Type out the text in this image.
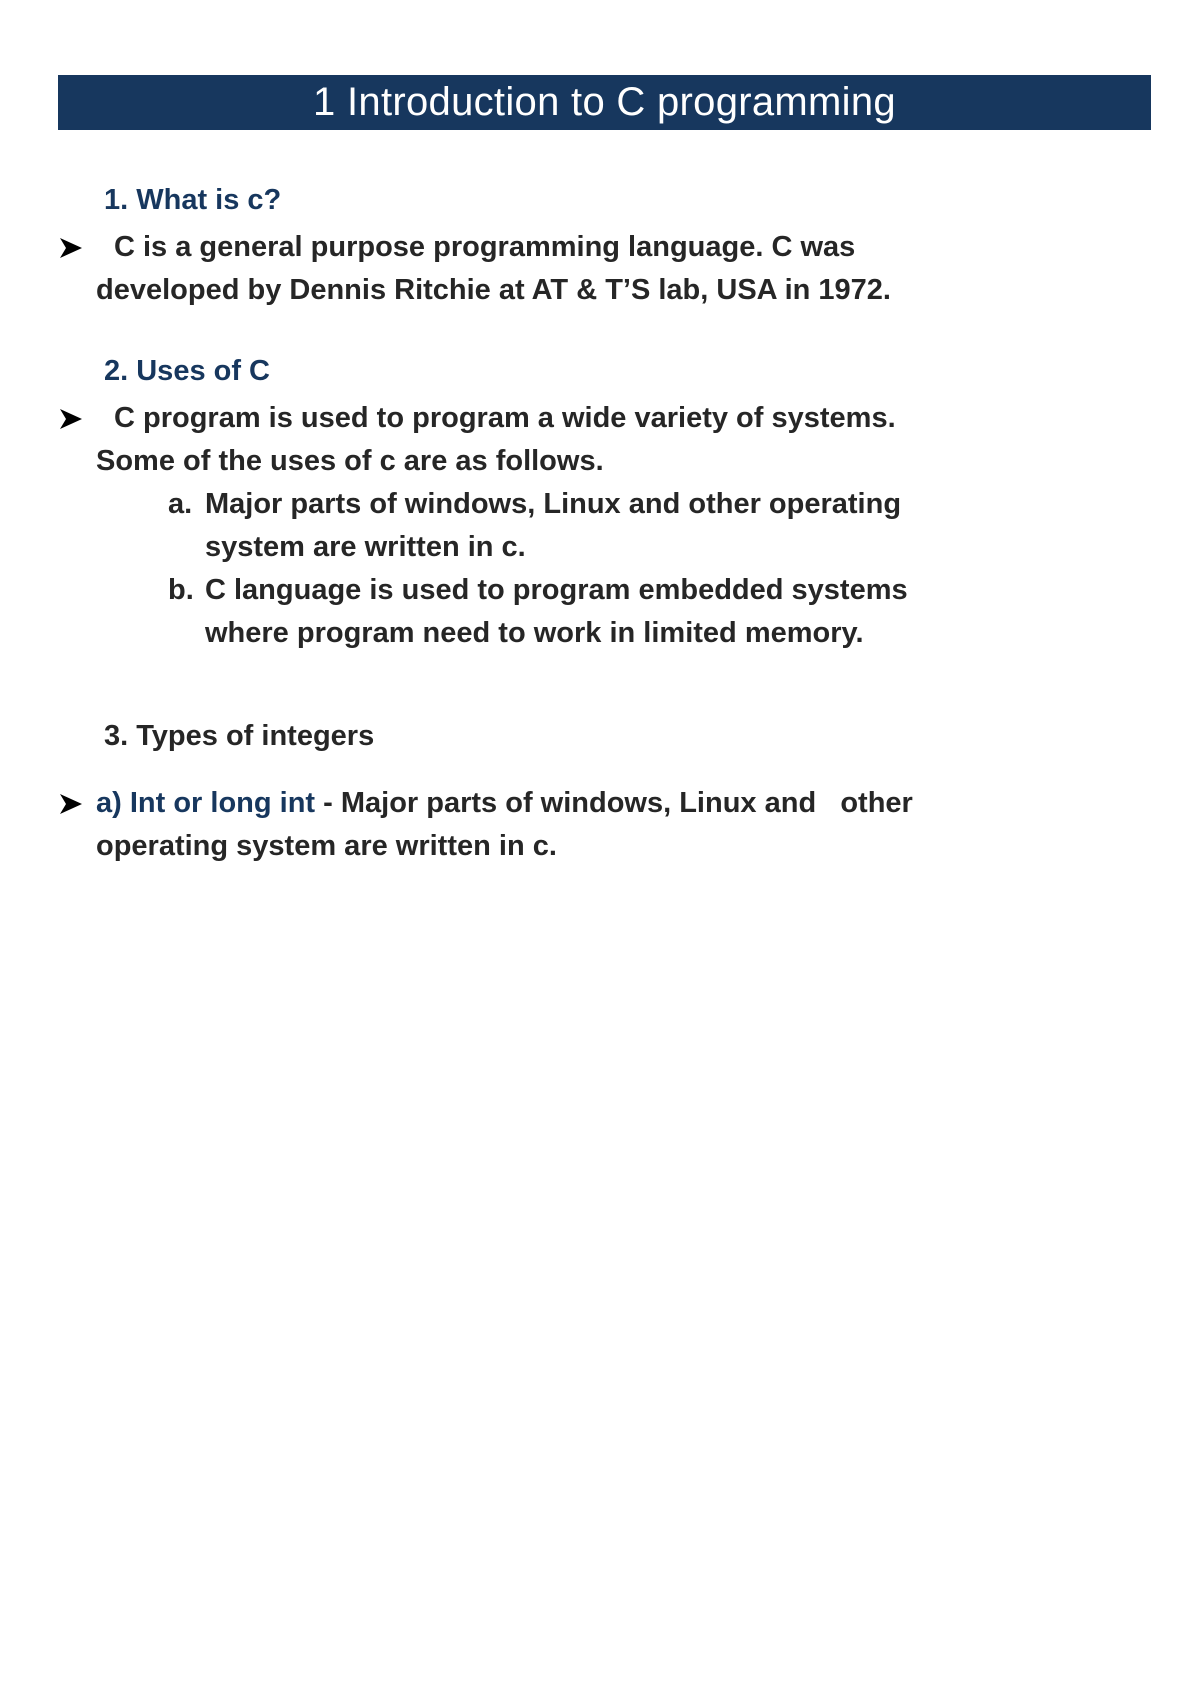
1 Introduction to C programming
1. What is c?
C is a general purpose programming language. C was
developed by Dennis Ritchie at AT & T’S lab, USA in 1972.
2. Uses of C
C program is used to program a wide variety of systems.
Some of the uses of c are as follows.
a. Major parts of windows, Linux and other operating
system are written in c.
b. C language is used to program embedded systems
where program need to work in limited memory.
3. Types of integers
a) Int or long int - Major parts of windows, Linux and   other
operating system are written in c.
